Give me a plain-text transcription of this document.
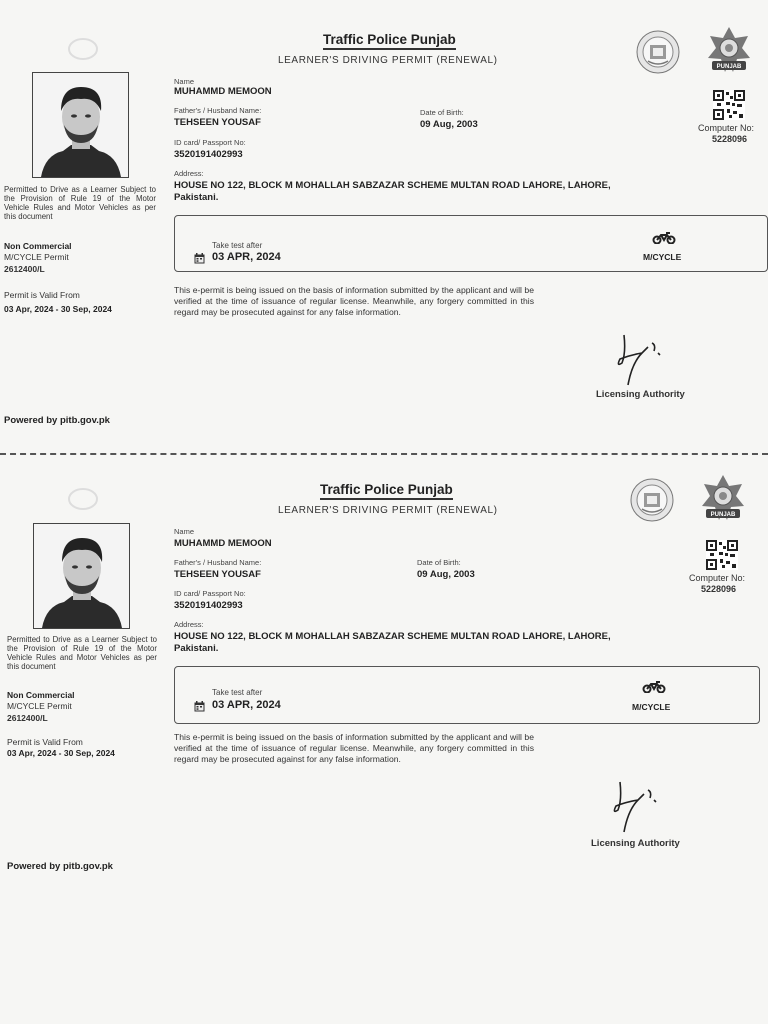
Traffic Police Punjab
LEARNER'S DRIVING PERMIT (RENEWAL)
PUNJAB
Permitted to Drive as a Learner Subject to the Provision of Rule 19 of the Motor Vehicle Rules and Motor Vehicles as per this document
Non Commercial
M/CYCLE Permit
2612400/L
Permit is Valid From
03 Apr, 2024 - 30 Sep, 2024
Name
MUHAMMD MEMOON
Father's / Husband Name:
TEHSEEN YOUSAF
Date of Birth:
09 Aug, 2003
ID card/ Passport No:
3520191402993
Address:
HOUSE NO 122, BLOCK M MOHALLAH SABZAZAR SCHEME MULTAN ROAD LAHORE, LAHORE, Pakistani.
Computer No:
5228096
Take test after
03 APR, 2024	M/CYCLE
This e-permit is being issued on the basis of information submitted by the applicant and will be verified at the time of issuance of regular license. Meanwhile, any forgery committed in this regard may be prosecuted against for any false information.
Licensing Authority
Powered by pitb.gov.pk
Traffic Police Punjab
LEARNER'S DRIVING PERMIT (RENEWAL)	PUNJAB
Permitted to Drive as a Learner Subject to the Provision of Rule 19 of the Motor Vehicle Rules and Motor Vehicles as per this document
Non Commercial
M/CYCLE Permit
2612400/L
Permit is Valid From
03 Apr, 2024 - 30 Sep, 2024
Name
MUHAMMD MEMOON
Father's / Husband Name:
TEHSEEN YOUSAF
Date of Birth:
09 Aug, 2003
ID card/ Passport No:
3520191402993
Address:
HOUSE NO 122, BLOCK M MOHALLAH SABZAZAR SCHEME MULTAN ROAD LAHORE, LAHORE, Pakistani.
Computer No:
5228096
Take test after
03 APR, 2024	M/CYCLE
This e-permit is being issued on the basis of information submitted by the applicant and will be verified at the time of issuance of regular license. Meanwhile, any forgery committed in this regard may be prosecuted against for any false information.
Licensing Authority
Powered by pitb.gov.pk
